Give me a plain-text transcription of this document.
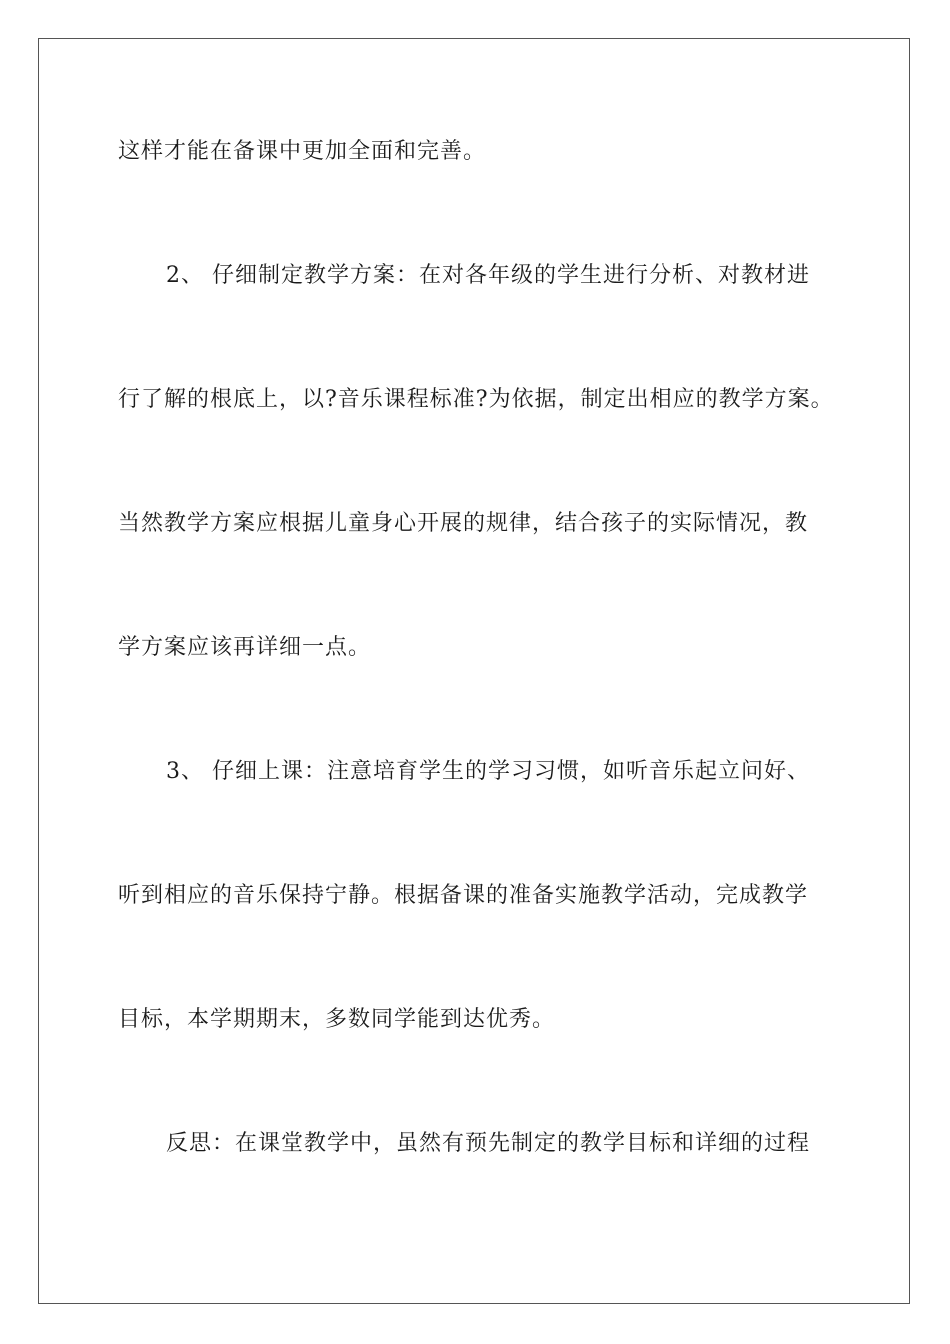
这样才能在备课中更加全面和完善。
2、 仔细制定教学方案：在对各年级的学生进行分析、对教材进
行了解的根底上，以?音乐课程标准?为依据，制定出相应的教学方案。
当然教学方案应根据儿童身心开展的规律，结合孩子的实际情况，教
学方案应该再详细一点。
3、 仔细上课：注意培育学生的学习习惯，如听音乐起立问好、
听到相应的音乐保持宁静。根据备课的准备实施教学活动，完成教学
目标，本学期期末，多数同学能到达优秀。
反思：在课堂教学中，虽然有预先制定的教学目标和详细的过程
